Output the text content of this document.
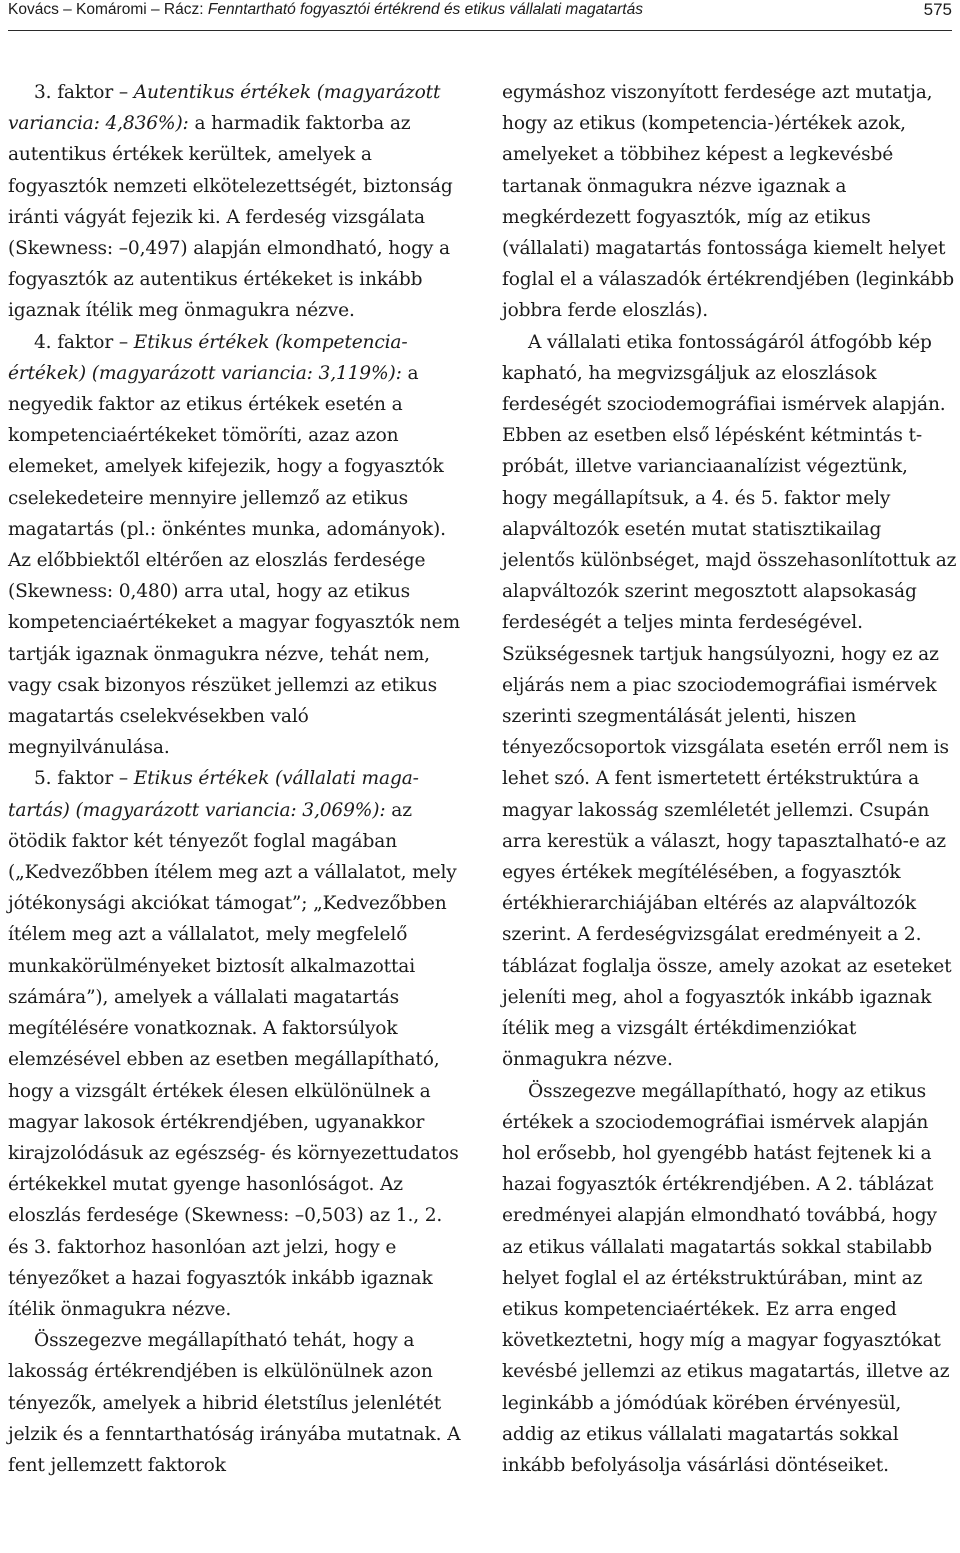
Kovács – Komáromi – Rácz: Fenntartható fogyasztói értékrend és etikus vállalati magatartás	575

3. faktor – Autentikus értékek (magyarázott variancia: 4,836%): a harmadik faktorba az autentikus értékek kerültek, amelyek a fogyasztók nemzeti elkötelezettségét, biztonság iránti vágyát fejezik ki. A ferdeség vizsgálata (Skewness: –0,497) alapján elmondható, hogy a fogyasztók az autentikus értékeket is inkább igaznak ítélik meg önmagukra nézve.

4. faktor – Etikus értékek (kompetenciaértékek) (magyarázott variancia: 3,119%): a negyedik faktor az etikus értékek esetén a kompetenciaértékeket tömöríti, azaz azon elemeket, amelyek kifejezik, hogy a fogyasztók cselekedeteire mennyire jellemző az etikus magatartás (pl.: önkéntes munka, adományok). Az előbbiektől eltérően az eloszlás ferdesége (Skewness: 0,480) arra utal, hogy az etikus kompetenciaértékeket a magyar fogyasztók nem tartják igaznak önmagukra nézve, tehát nem, vagy csak bizonyos részüket jellemzi az etikus magatartás cselekvésekben való megnyilvánulása.

5. faktor – Etikus értékek (vállalati magatartás) (magyarázott variancia: 3,069%): az ötödik faktor két tényezőt foglal magában („Kedvezőbben ítélem meg azt a vállalatot, mely jótékonysági akciókat támogat”; „Kedvezőbben ítélem meg azt a vállalatot, mely megfelelő munkakörülményeket biztosít alkalmazottai számára”), amelyek a vállalati magatartás megítélésére vonatkoznak. A faktorsúlyok elemzésével ebben az esetben megállapítható, hogy a vizsgált értékek élesen elkülönülnek a magyar lakosok értékrendjében, ugyanakkor kirajzolódásuk az egészség- és környezettudatos értékekkel mutat gyenge hasonlóságot. Az eloszlás ferdesége (Skewness: –0,503) az 1., 2. és 3. faktorhoz hasonlóan azt jelzi, hogy e tényezőket a hazai fogyasztók inkább igaznak ítélik önmagukra nézve.

Összegezve megállapítható tehát, hogy a lakosság értékrendjében is elkülönülnek azon tényezők, amelyek a hibrid életstílus jelenlétét jelzik és a fenntarthatóság irányába mutatnak. A fent jellemzett faktorok

egymáshoz viszonyított ferdesége azt mutatja, hogy az etikus (kompetencia-)értékek azok, amelyeket a többihez képest a legkevésbé tartanak önmagukra nézve igaznak a megkérdezett fogyasztók, míg az etikus (vállalati) magatartás fontossága kiemelt helyet foglal el a válaszadók értékrendjében (leginkább jobbra ferde eloszlás).

A vállalati etika fontosságáról átfogóbb kép kapható, ha megvizsgáljuk az eloszlások ferdeségét szociodemográfiai ismérvek alapján. Ebben az esetben első lépésként kétmintás t-próbát, illetve varianciaanalízist végeztünk, hogy megállapítsuk, a 4. és 5. faktor mely alapváltozók esetén mutat statisztikailag jelentős különbséget, majd összehasonlítottuk az alapváltozók szerint megosztott alapsokaság ferdeségét a teljes minta ferdeségével. Szükségesnek tartjuk hangsúlyozni, hogy ez az eljárás nem a piac szociodemográfiai ismérvek szerinti szegmentálását jelenti, hiszen tényezőcsoportok vizsgálata esetén erről nem is lehet szó. A fent ismertetett értékstruktúra a magyar lakosság szemléletét jellemzi. Csupán arra kerestük a választ, hogy tapasztalható-e az egyes értékek megítélésében, a fogyasztók értékhierarchiájában eltérés az alapváltozók szerint. A ferdeségvizsgálat eredményeit a 2. táblázat foglalja össze, amely azokat az eseteket jeleníti meg, ahol a fogyasztók inkább igaznak ítélik meg a vizsgált értékdimenziókat önmagukra nézve.

Összegezve megállapítható, hogy az etikus értékek a szociodemográfiai ismérvek alapján hol erősebb, hol gyengébb hatást fejtenek ki a hazai fogyasztók értékrendjében. A 2. táblázat eredményei alapján elmondható továbbá, hogy az etikus vállalati magatartás sokkal stabilabb helyet foglal el az értékstruktúrában, mint az etikus kompetenciaértékek. Ez arra enged következtetni, hogy míg a magyar fogyasztókat kevésbé jellemzi az etikus magatartás, illetve az leginkább a jómódúak körében érvényesül, addig az etikus vállalati magatartás sokkal inkább befolyásolja vásárlási döntéseiket.
